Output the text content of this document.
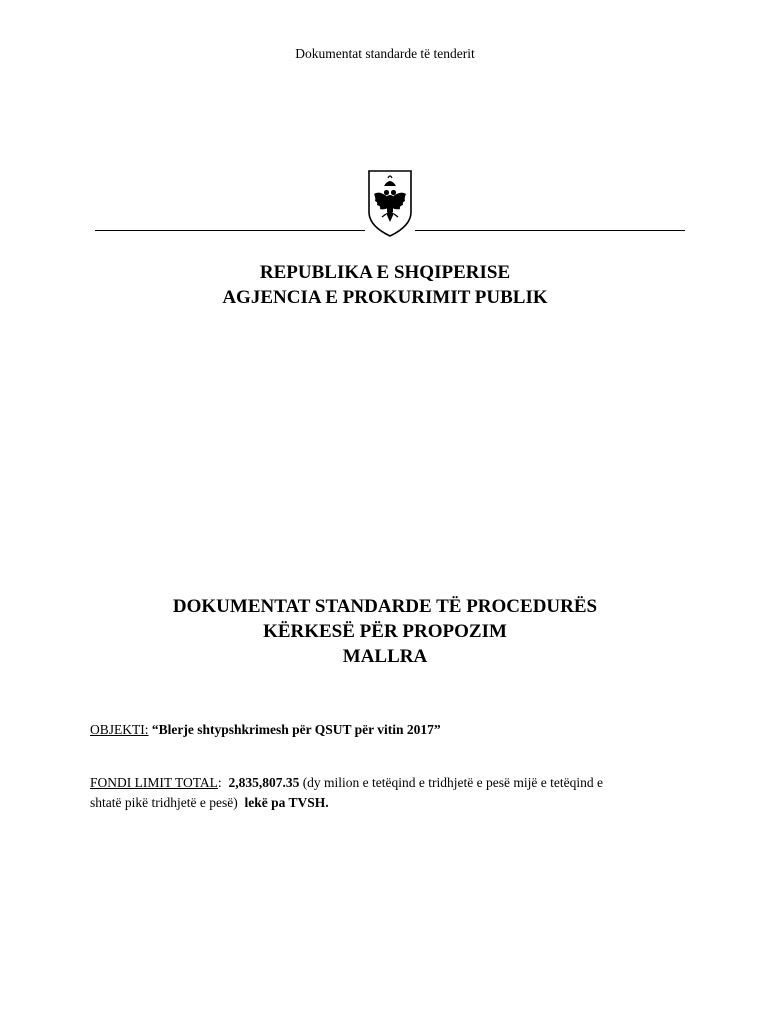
Dokumentat standarde të tenderit
REPUBLIKA E SHQIPERISE
AGJENCIA E PROKURIMIT PUBLIK
DOKUMENTAT STANDARDE TË PROCEDURËS
KËRKESË PËR PROPOZIM
MALLRA
OBJEKTI: “Blerje shtypshkrimesh për QSUT për vitin 2017”
FONDI LIMIT TOTAL: 2,835,807.35 (dy milion e tetëqind e tridhjetë e pesë mijë e tetëqind e
shtatë pikë tridhjetë e pesë) lekë pa TVSH.
